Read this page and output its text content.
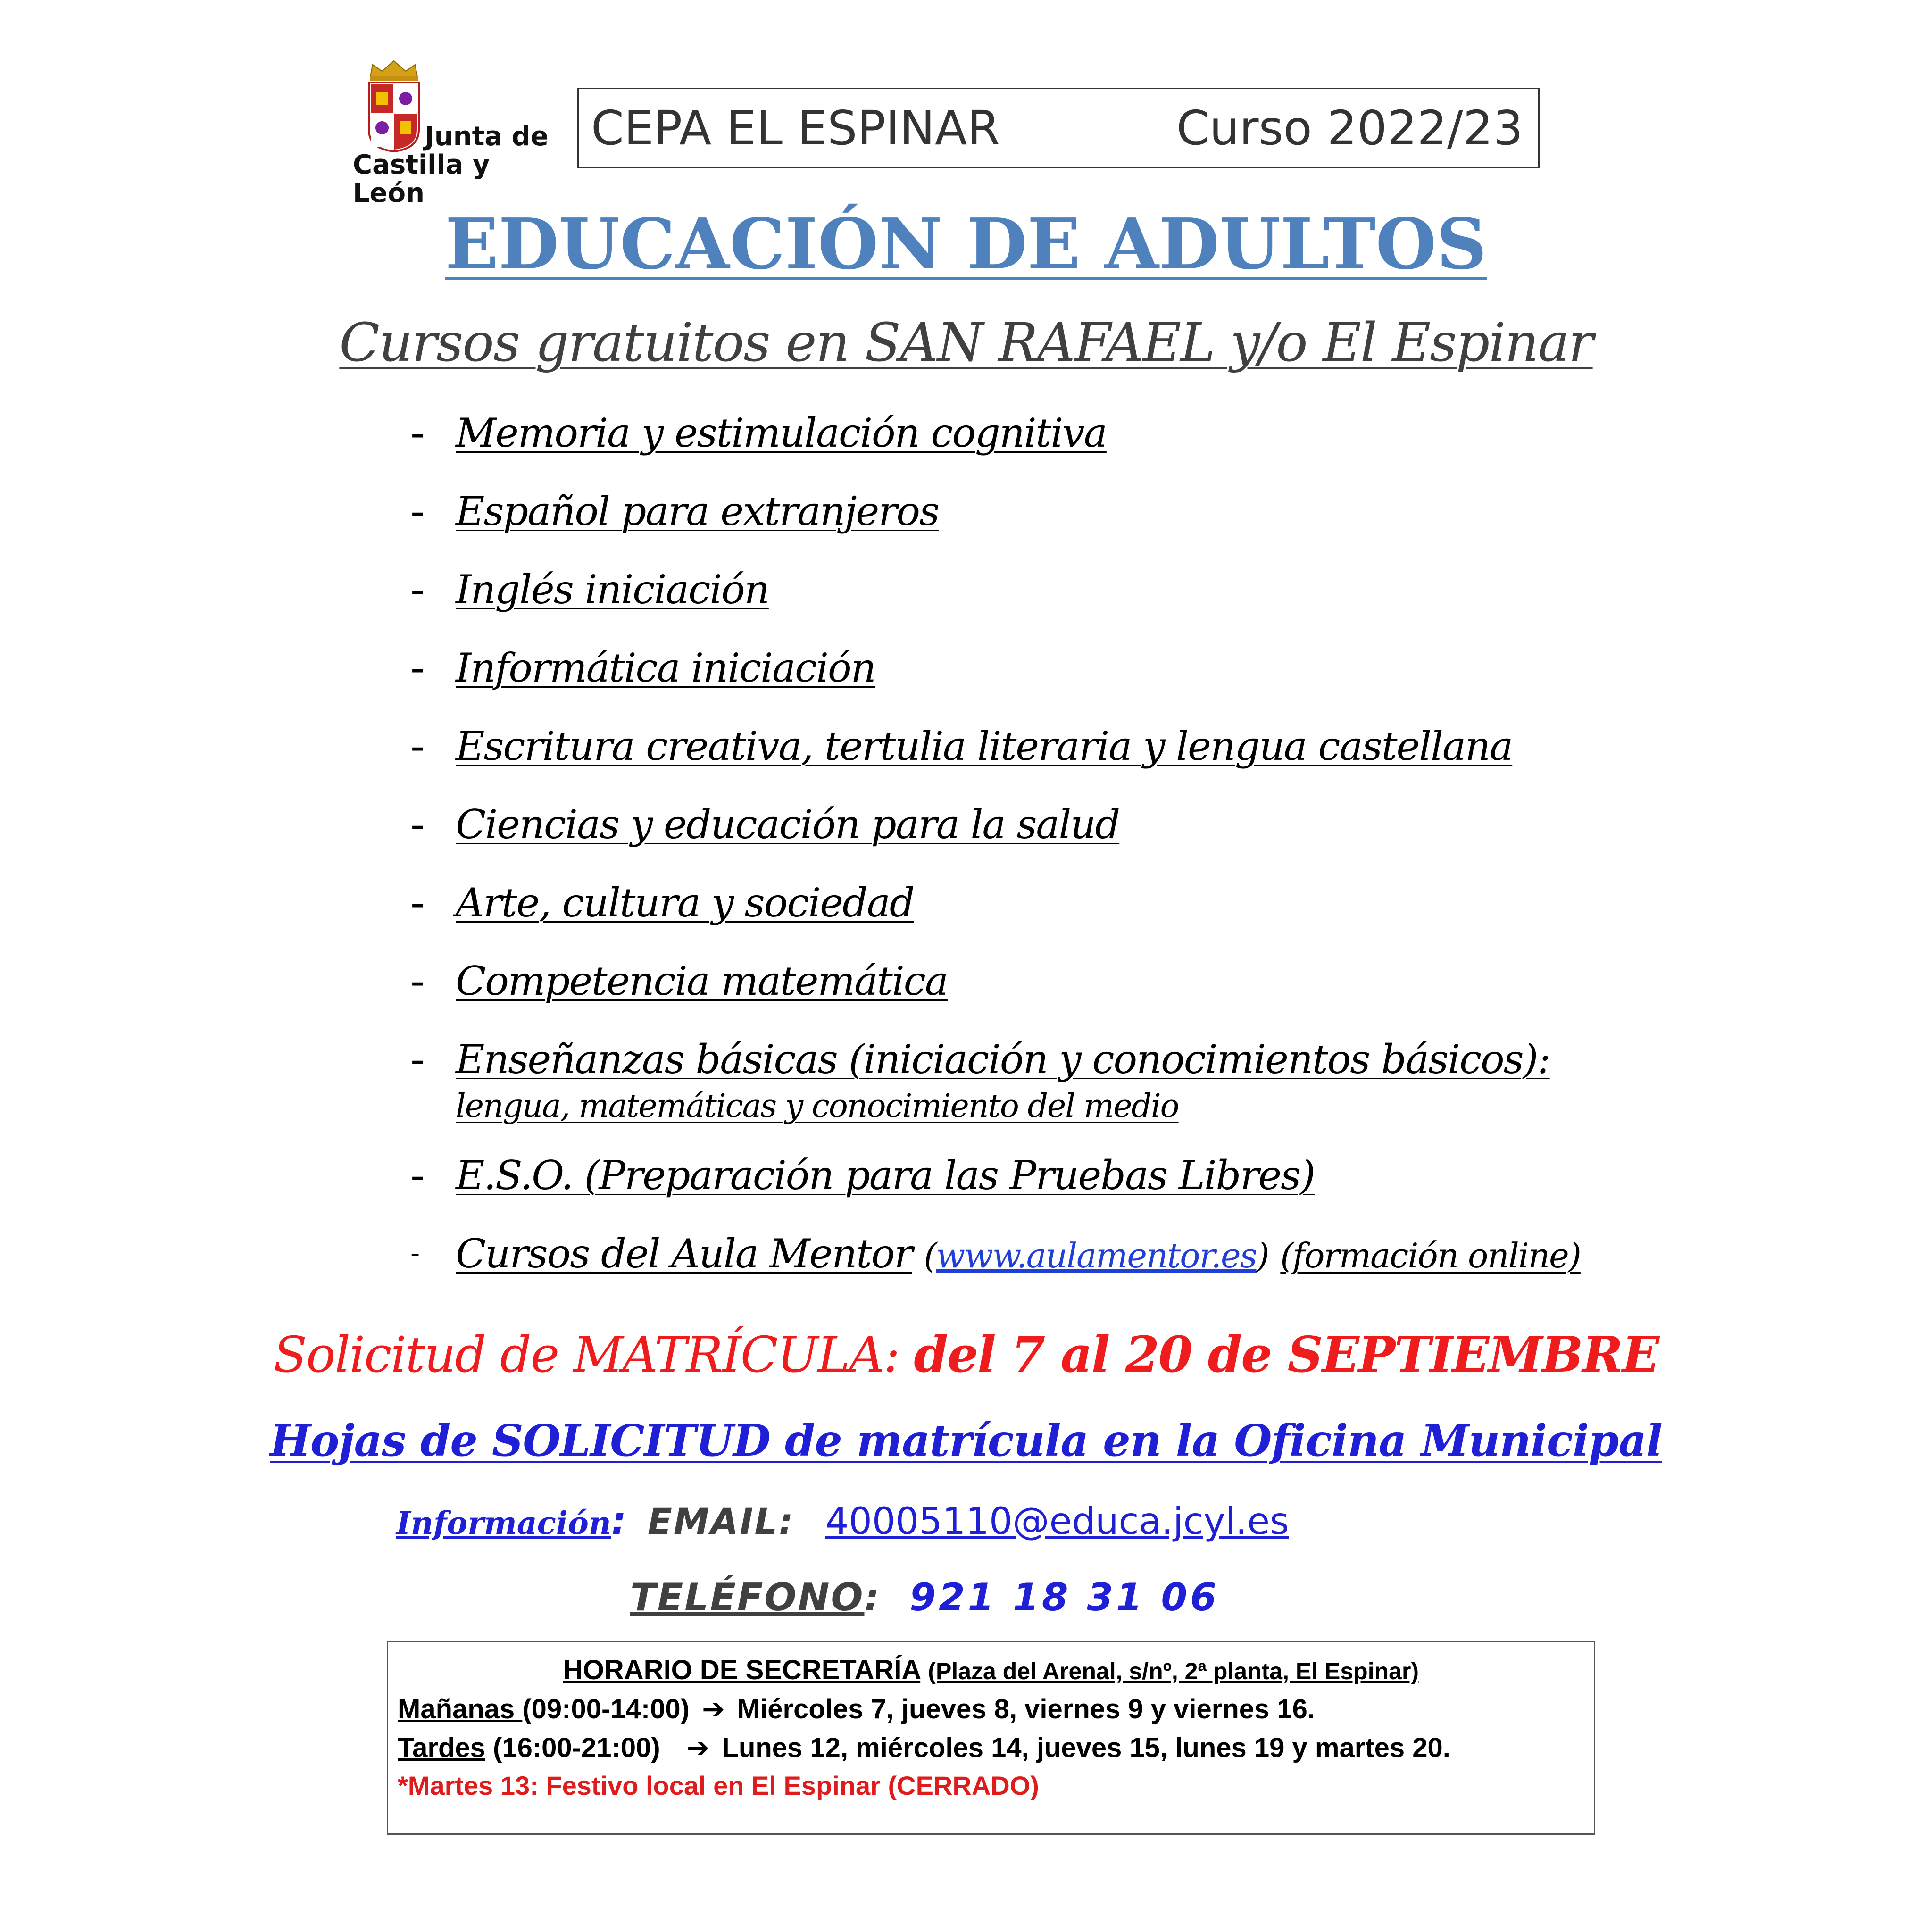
Junta de
Castilla y León
CEPA EL ESPINAR	Curso 2022/23
EDUCACIÓN DE ADULTOS
Cursos gratuitos en SAN RAFAEL y/o El Espinar
- Memoria y estimulación cognitiva
- Español para extranjeros
- Inglés iniciación
- Informática iniciación
- Escritura creativa, tertulia literaria y lengua castellana
- Ciencias y educación para la salud
- Arte, cultura y sociedad
- Competencia matemática
- Enseñanzas básicas (iniciación y conocimientos básicos):
lengua, matemáticas y conocimiento del medio
- E.S.O. (Preparación para las Pruebas Libres)
- Cursos del Aula Mentor (www.aulamentor.es) (formación online)
Solicitud de MATRÍCULA: del 7 al 20 de SEPTIEMBRE
Hojas de SOLICITUD de matrícula en la Oficina Municipal
Información: EMAIL: 40005110@educa.jcyl.es
TELÉFONO: 921 18 31 06
HORARIO DE SECRETARÍA (Plaza del Arenal, s/nº, 2ª planta, El Espinar)
Mañanas (09:00-14:00) ➔ Miércoles 7, jueves 8, viernes 9 y viernes 16.
Tardes (16:00-21:00) ➔ Lunes 12, miércoles 14, jueves 15, lunes 19 y martes 20.
*Martes 13: Festivo local en El Espinar (CERRADO)
